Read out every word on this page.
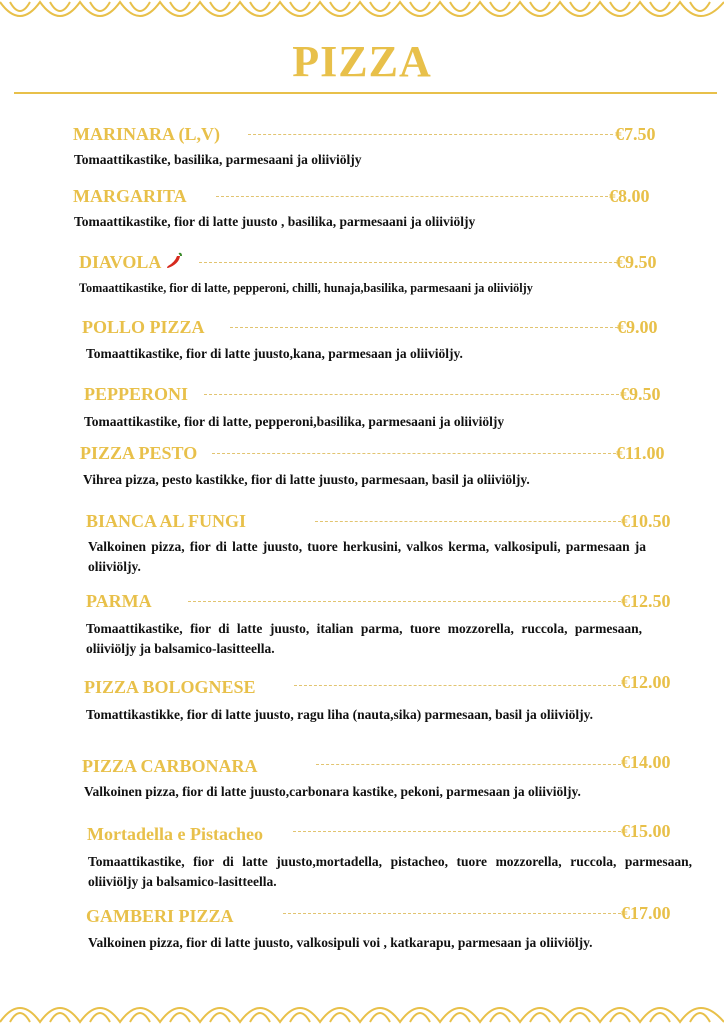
PIZZA
MARINARA (L,V)	€7.50
Tomaattikastike, basilika, parmesaani ja oliiviöljy
MARGARITA	€8.00
Tomaattikastike, fior di latte juusto , basilika, parmesaani ja oliiviöljy
DIAVOLA	€9.50
Tomaattikastike, fior di latte, pepperoni, chilli, hunaja,basilika, parmesaani ja oliiviöljy
POLLO PIZZA	€9.00
Tomaattikastike, fior di latte juusto,kana, parmesaan ja oliiviöljy.
PEPPERONI	€9.50
Tomaattikastike, fior di latte, pepperoni,basilika, parmesaani ja oliiviöljy
PIZZA PESTO	€11.00
Vihrea pizza, pesto kastikke, fior di latte juusto, parmesaan, basil ja oliiviöljy.
BIANCA AL FUNGI	€10.50
Valkoinen pizza, fior di latte juusto, tuore herkusini, valkos kerma, valkosipuli, parmesaan ja oliiviöljy.
PARMA	€12.50
Tomaattikastike, fior di latte juusto, italian parma, tuore mozzorella, ruccola, parmesaan, oliiviöljy ja balsamico-lasitteella.
PIZZA BOLOGNESE	€12.00
Tomattikastikke, fior di latte juusto, ragu liha (nauta,sika) parmesaan, basil ja oliiviöljy.
PIZZA CARBONARA	€14.00
Valkoinen pizza, fior di latte juusto,carbonara kastike, pekoni, parmesaan ja oliiviöljy.
Mortadella e Pistacheo	€15.00
Tomaattikastike, fior di latte juusto,mortadella, pistacheo, tuore mozzorella, ruccola, parmesaan, oliiviöljy ja balsamico-lasitteella.
GAMBERI PIZZA	€17.00
Valkoinen pizza, fior di latte juusto, valkosipuli voi , katkarapu, parmesaan ja oliiviöljy.
